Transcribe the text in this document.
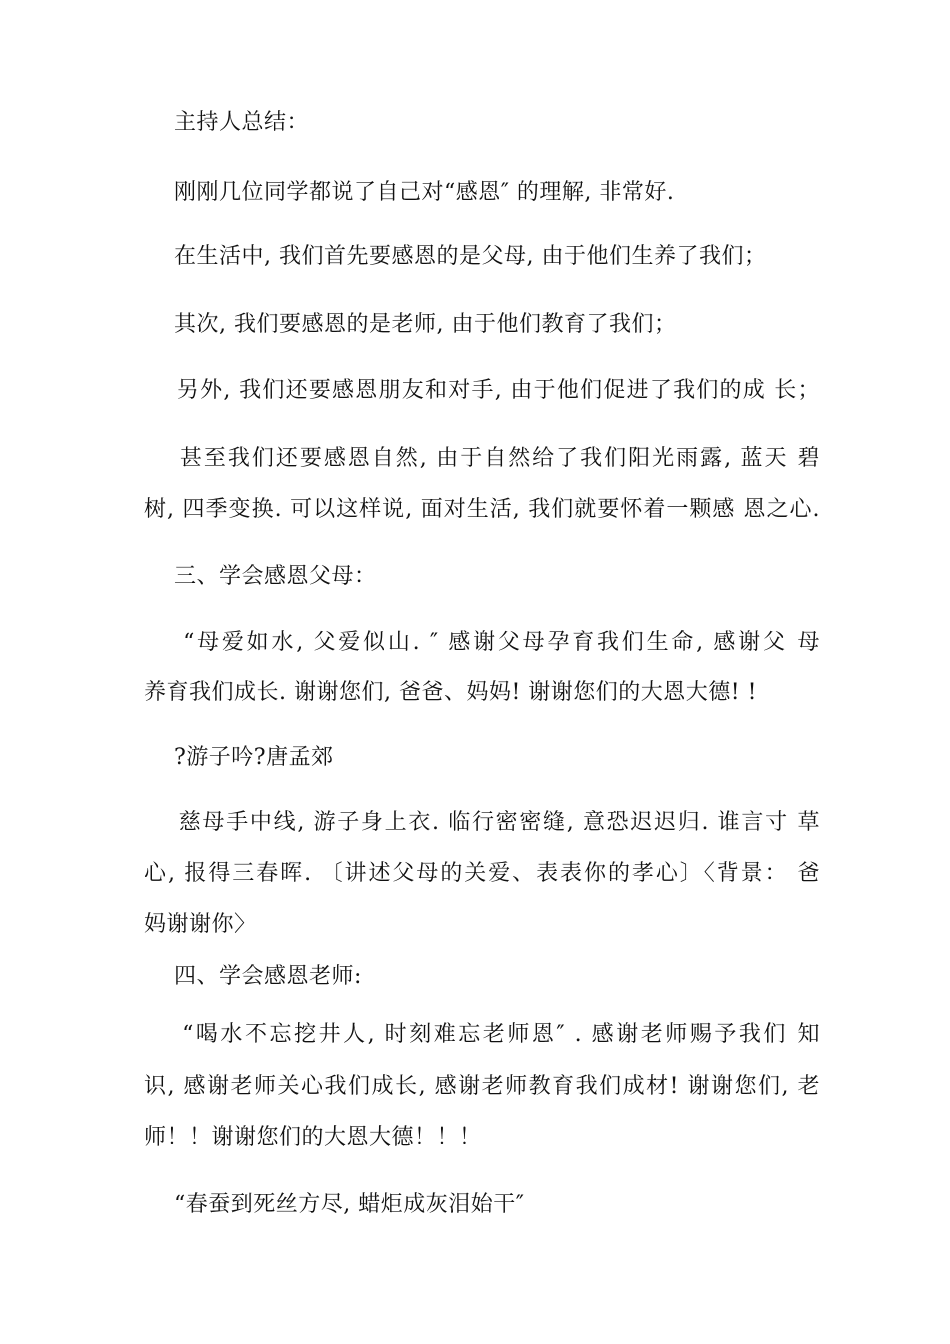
主持人总结：
刚刚几位同学都说了自己对“感恩″ 的理解, 非常好.
在生活中, 我们首先要感恩的是父母, 由于他们生养了我们；
其次, 我们要感恩的是老师, 由于他们教育了我们；
另外, 我们还要感恩朋友和对手, 由于他们促进了我们的成 长；
甚至我们还要感恩自然, 由于自然给了我们阳光雨露, 蓝天 碧
树, 四季变换. 可以这样说, 面对生活, 我们就要怀着一颗感 恩之心.
三、学会感恩父母：
“母爱如水, 父爱似山. ″ 感谢父母孕育我们生命, 感谢父 母
养育我们成长. 谢谢您们, 爸爸、妈妈! 谢谢您们的大恩大德! !
?游子吟?唐孟郊
慈母手中线, 游子身上衣. 临行密密缝, 意恐迟迟归. 谁言寸 草
心, 报得三春晖. 〔讲述父母的关爱、表表你的孝心〕〈背景： 爸
妈谢谢你〉
四、学会感恩老师:
“喝水不忘挖井人, 时刻难忘老师恩″ . 感谢老师赐予我们 知
识, 感谢老师关心我们成长, 感谢老师教育我们成材! 谢谢您们, 老
师！！谢谢您们的大恩大德！！！
“春蚕到死丝方尽, 蜡炬成灰泪始干″
